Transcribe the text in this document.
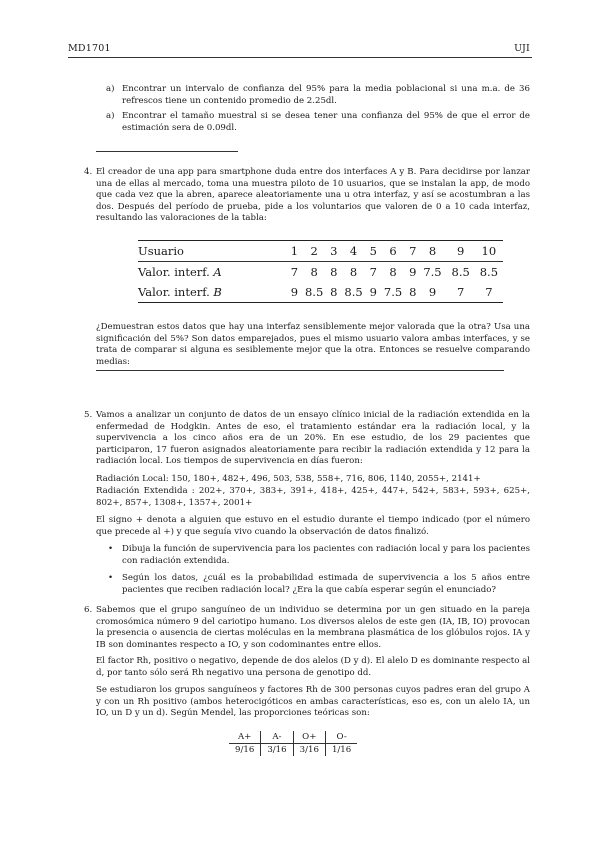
MD1701	UJI
a) Encontrar un intervalo de confianza del 95% para la media poblacional si una m.a. de 36 refrescos tiene un contenido promedio de 2.25dl.
a) Encontrar el tamaño muestral si se desea tener una confianza del 95% de que el error de estimación sera de 0.09dl.
4. El creador de una app para smartphone duda entre dos interfaces A y B. Para decidirse por lanzar una de ellas al mercado, toma una muestra piloto de 10 usuarios, que se instalan la app, de modo que cada vez que la abren, aparece aleatoriamente una u otra interfaz, y así se acostumbran a las dos. Después del período de prueba, pide a los voluntarios que valoren de 0 a 10 cada interfaz, resultando las valoraciones de la tabla:
Usuario	1	2	3	4	5	6	7	8	9	10
Valor. interf. A	7	8	8	8	7	8	9	7.5	8.5	8.5
Valor. interf. B	9	8.5	8	8.5	9	7.5	8	9	7	7
¿Demuestran estos datos que hay una interfaz sensiblemente mejor valorada que la otra? Usa una significación del 5%? Son datos emparejados, pues el mismo usuario valora ambas interfaces, y se trata de comparar si alguna es sesiblemente mejor que la otra. Entonces se resuelve comparando medias:
5. Vamos a analizar un conjunto de datos de un ensayo clínico inicial de la radiación extendida en la enfermedad de Hodgkin. Antes de eso, el tratamiento estándar era la radiación local, y la supervivencia a los cinco años era de un 20%. En ese estudio, de los 29 pacientes que participaron, 17 fueron asignados aleatoriamente para recibir la radiación extendida y 12 para la radiación local. Los tiempos de supervivencia en días fueron:
Radiación Local: 150, 180+, 482+, 496, 503, 538, 558+, 716, 806, 1140, 2055+, 2141+
Radiación Extendida : 202+, 370+, 383+, 391+, 418+, 425+, 447+, 542+, 583+, 593+, 625+, 802+, 857+, 1308+, 1357+, 2001+
El signo + denota a alguien que estuvo en el estudio durante el tiempo indicado (por el número que precede al +) y que seguía vivo cuando la observación de datos finalizó.
• Dibuja la función de supervivencia para los pacientes con radiación local y para los pacientes con radiación extendida.
• Según los datos, ¿cuál es la probabilidad estimada de supervivencia a los 5 años entre pacientes que reciben radiación local? ¿Era la que cabía esperar según el enunciado?
6. Sabemos que el grupo sanguíneo de un individuo se determina por un gen situado en la pareja cromosómica número 9 del cariotipo humano. Los diversos alelos de este gen (IA, IB, IO) provocan la presencia o ausencia de ciertas moléculas en la membrana plasmática de los glóbulos rojos. IA y IB son dominantes respecto a IO, y son codominantes entre ellos.
El factor Rh, positivo o negativo, depende de dos alelos (D y d). El alelo D es dominante respecto al d, por tanto sólo será Rh negativo una persona de genotipo dd.
Se estudiaron los grupos sanguíneos y factores Rh de 300 personas cuyos padres eran del grupo A y con un Rh positivo (ambos heterocigóticos en ambas características, eso es, con un alelo IA, un IO, un D y un d). Según Mendel, las proporciones teóricas son:
A+	A-	O+	O-
9/16	3/16	3/16	1/16
